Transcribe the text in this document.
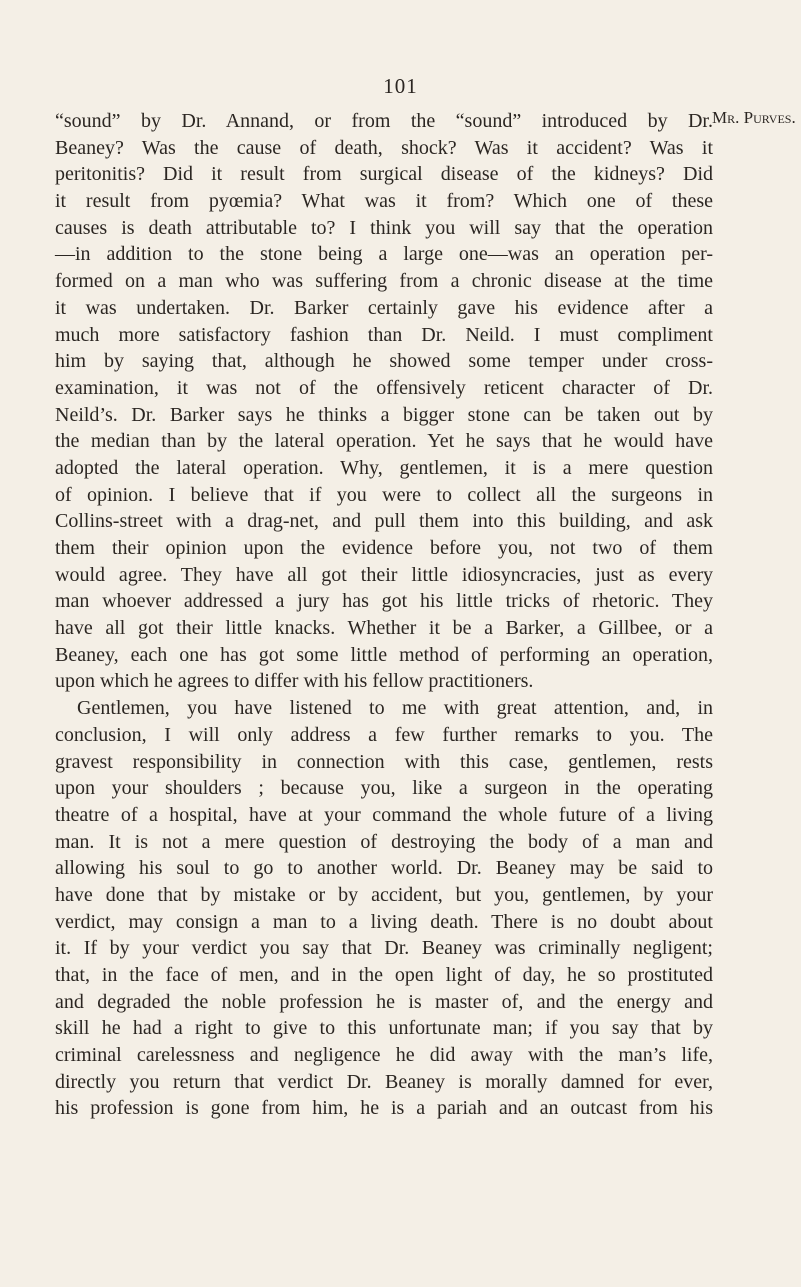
101
Mr. Purves.
“sound” by Dr. Annand, or from the “sound” introduced by Dr.
Beaney? Was the cause of death, shock? Was it accident? Was it
peritonitis? Did it result from surgical disease of the kidneys? Did
it result from pyœmia? What was it from? Which one of these
causes is death attributable to? I think you will say that the operation
—in addition to the stone being a large one—was an operation per-
formed on a man who was suffering from a chronic disease at the time
it was undertaken. Dr. Barker certainly gave his evidence after a
much more satisfactory fashion than Dr. Neild. I must compliment
him by saying that, although he showed some temper under cross-
examination, it was not of the offensively reticent character of Dr.
Neild’s. Dr. Barker says he thinks a bigger stone can be taken out by
the median than by the lateral operation. Yet he says that he would have
adopted the lateral operation. Why, gentlemen, it is a mere question
of opinion. I believe that if you were to collect all the surgeons in
Collins-street with a drag-net, and pull them into this building, and ask
them their opinion upon the evidence before you, not two of them
would agree. They have all got their little idiosyncracies, just as every
man whoever addressed a jury has got his little tricks of rhetoric. They
have all got their little knacks. Whether it be a Barker, a Gillbee, or a
Beaney, each one has got some little method of performing an operation,
upon which he agrees to differ with his fellow practitioners.
Gentlemen, you have listened to me with great attention, and, in
conclusion, I will only address a few further remarks to you. The
gravest responsibility in connection with this case, gentlemen, rests
upon your shoulders ; because you, like a surgeon in the operating
theatre of a hospital, have at your command the whole future of a living
man. It is not a mere question of destroying the body of a man and
allowing his soul to go to another world. Dr. Beaney may be said to
have done that by mistake or by accident, but you, gentlemen, by your
verdict, may consign a man to a living death. There is no doubt about
it. If by your verdict you say that Dr. Beaney was criminally negligent;
that, in the face of men, and in the open light of day, he so prostituted
and degraded the noble profession he is master of, and the energy and
skill he had a right to give to this unfortunate man; if you say that by
criminal carelessness and negligence he did away with the man’s life,
directly you return that verdict Dr. Beaney is morally damned for ever,
his profession is gone from him, he is a pariah and an outcast from his
